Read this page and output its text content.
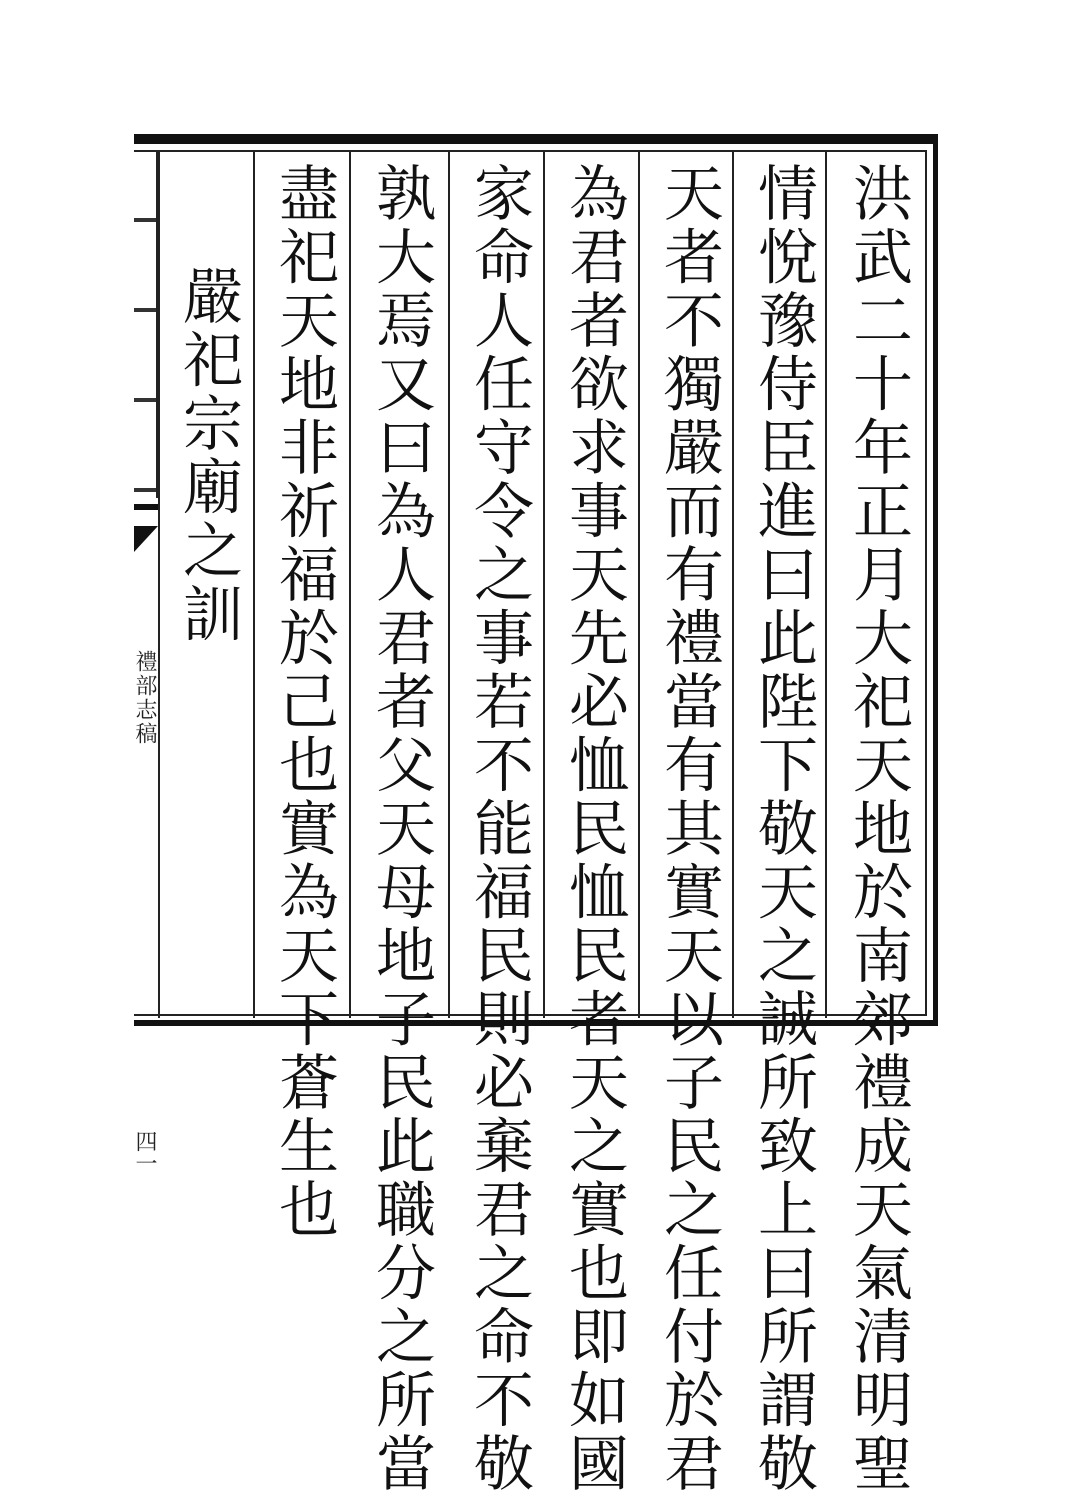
洪武二十年正月大祀天地於南郊禮成天氣清明聖
情悅豫侍臣進曰此陛下敬天之誠所致上曰所謂敬
天者不獨嚴而有禮當有其實天以子民之任付於君
為君者欲求事天先必恤民恤民者天之實也即如國
家命人任守令之事若不能福民則必棄君之命不敬
孰大焉又曰為人君者父天母地子民此職分之所當
盡祀天地非祈福於己也實為天下蒼生也
嚴祀宗廟之訓
禮部志稿
四一
